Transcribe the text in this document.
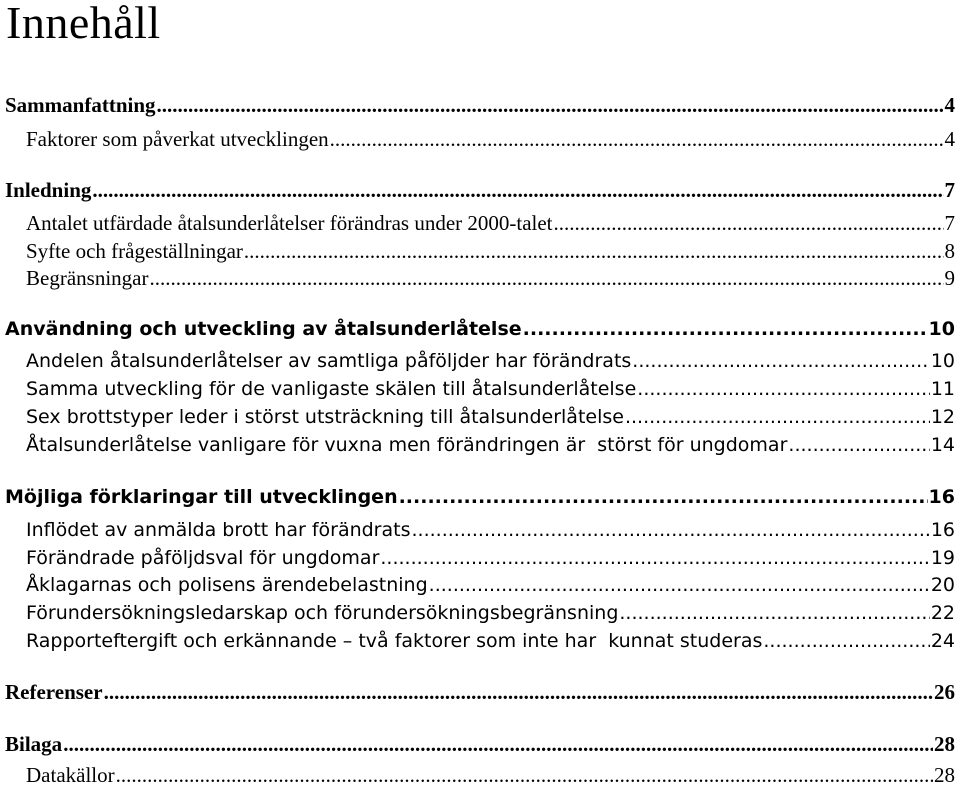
Innehåll
Sammanfattning .....	4
Faktorer som påverkat utvecklingen .....	4
Inledning .....	7
Antalet utfärdade åtalsunderlåtelser förändras under 2000-talet .....	7
Syfte och frågeställningar .....	8
Begränsningar .....	9
Användning och utveckling av åtalsunderlåtelse .....	10
Andelen åtalsunderlåtelser av samtliga påföljder har förändrats .....	10
Samma utveckling för de vanligaste skälen till åtalsunderlåtelse .....	11
Sex brottstyper leder i störst utsträckning till åtalsunderlåtelse .....	12
Åtalsunderlåtelse vanligare för vuxna men förändringen är  störst för ungdomar .....	14
Möjliga förklaringar till utvecklingen .....	16
Inflödet av anmälda brott har förändrats .....	16
Förändrade påföljdsval för ungdomar .....	19
Åklagarnas och polisens ärendebelastning .....	20
Förundersökningsledarskap och förundersökningsbegränsning .....	22
Rapporteftergift och erkännande – två faktorer som inte har  kunnat studeras .....	24
Referenser .....	26
Bilaga .....	28
Datakällor .....	28
